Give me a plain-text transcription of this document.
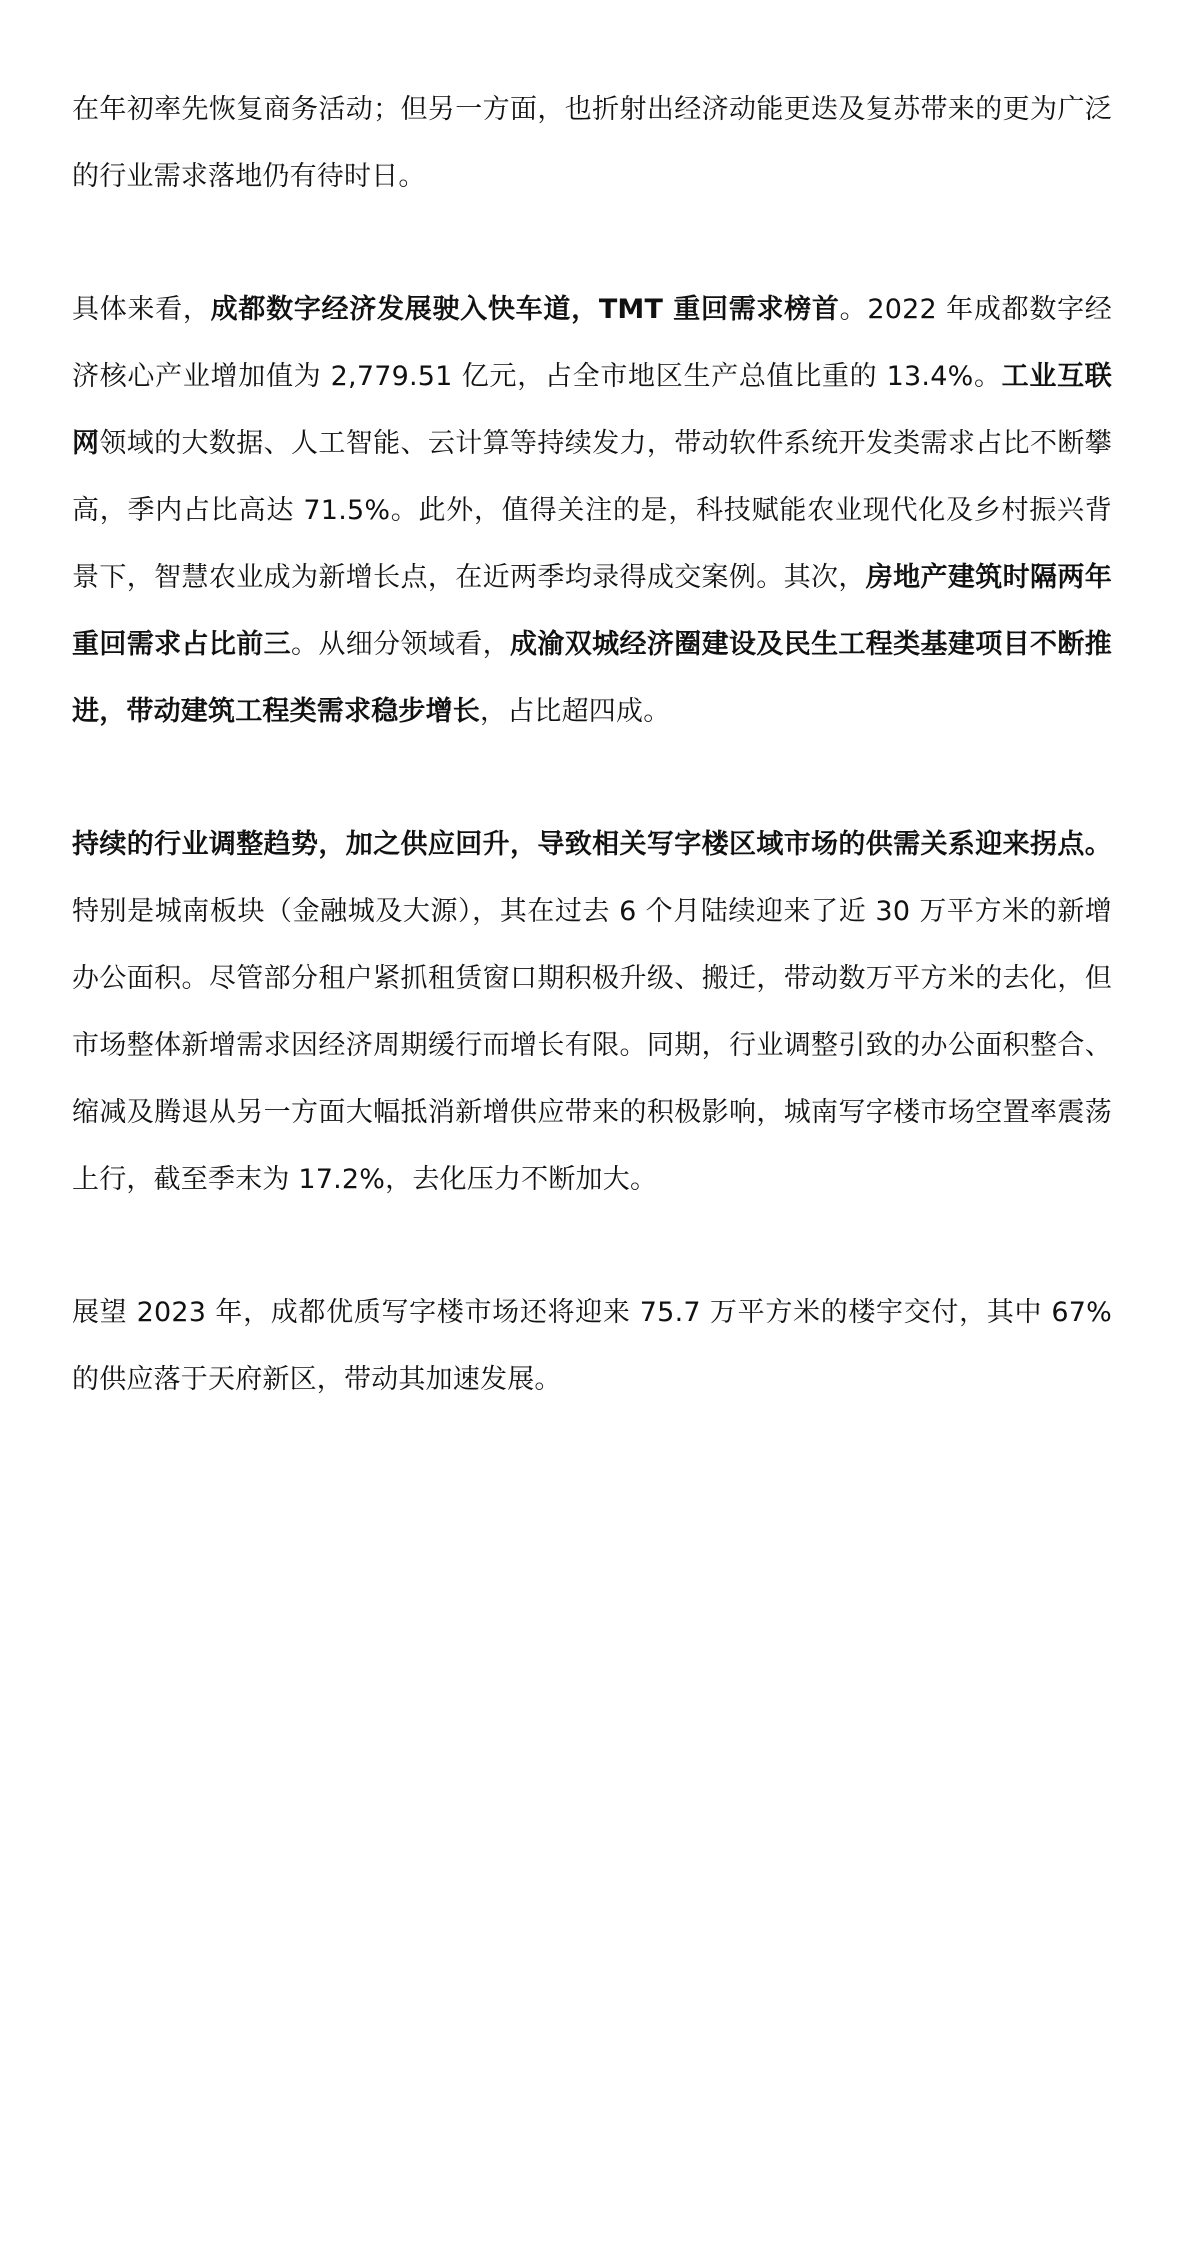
在年初率先恢复商务活动；但另一方面，也折射出经济动能更迭及复苏带来的更为广泛的行业需求落地仍有待时日。

具体来看，成都数字经济发展驶入快车道，TMT 重回需求榜首。2022 年成都数字经济核心产业增加值为 2,779.51 亿元，占全市地区生产总值比重的 13.4%。工业互联网领域的大数据、人工智能、云计算等持续发力，带动软件系统开发类需求占比不断攀高，季内占比高达 71.5%。此外，值得关注的是，科技赋能农业现代化及乡村振兴背景下，智慧农业成为新增长点，在近两季均录得成交案例。其次，房地产建筑时隔两年重回需求占比前三。从细分领域看，成渝双城经济圈建设及民生工程类基建项目不断推进，带动建筑工程类需求稳步增长，占比超四成。

持续的行业调整趋势，加之供应回升，导致相关写字楼区域市场的供需关系迎来拐点。特别是城南板块（金融城及大源），其在过去 6 个月陆续迎来了近 30 万平方米的新增办公面积。尽管部分租户紧抓租赁窗口期积极升级、搬迁，带动数万平方米的去化，但市场整体新增需求因经济周期缓行而增长有限。同期，行业调整引致的办公面积整合、缩减及腾退从另一方面大幅抵消新增供应带来的积极影响，城南写字楼市场空置率震荡上行，截至季末为 17.2%，去化压力不断加大。

展望 2023 年，成都优质写字楼市场还将迎来 75.7 万平方米的楼宇交付，其中 67%的供应落于天府新区，带动其加速发展。
